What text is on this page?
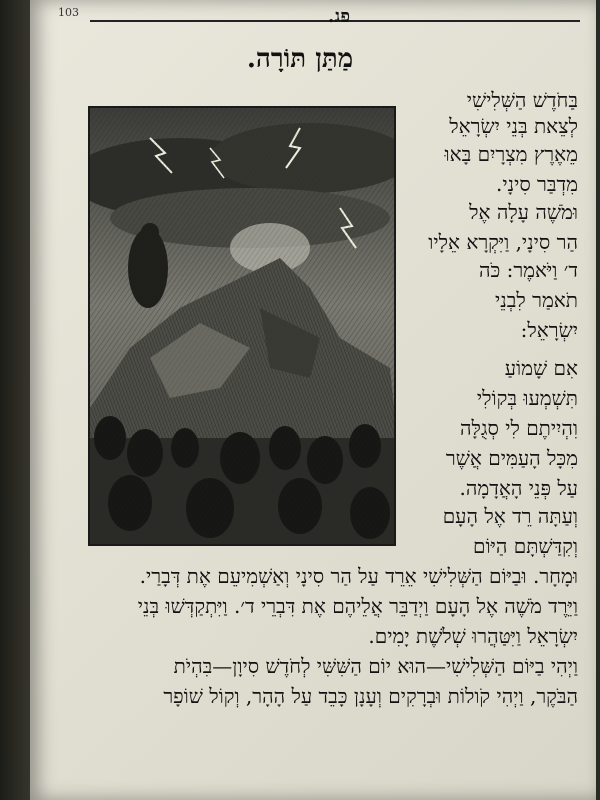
103	פג.
מַתַּן תּוֹרָה.
בַּחֹדֶשׁ הַשְּׁלִישִׁי
לְצֵאת בְּנֵי יִשְׂרָאֵל
מֵאֶרֶץ מִצְרָיִם בָּאוּ
מִדְבַּר סִינָי.
וּמֹשֶׁה עָלָה אֶל
הַר סִינָי, וַיִּקְרָא אֵלָיו
ד׳ וַיֹּאמֶר: כֹּה
תֹאמַר לִבְנֵי
יִשְׂרָאֵל:
אִם שָׁמוֹעַ
תִּשְׁמְעוּ בְּקוֹלִי
וִהְיִיתֶם לִי סְגֻלָּה
מִכָּל הָעַמִּים אֲשֶׁר
עַל פְּנֵי הָאֲדָמָה.
וְעַתָּה רֵד אֶל הָעָם
וְקִדַּשְׁתָּם הַיּוֹם
וּמָחָר. וּבַיּוֹם הַשְּׁלִישִׁי אֵרֵד עַל הַר סִינָי וְאַשְׁמִיעֵם אֶת דְּבָרַי.
וַיֵּרֶד מֹשֶׁה אֶל הָעָם וַיְדַבֵּר אֲלֵיהֶם אֶת דִּבְרֵי ד׳. וַיִּתְקַדְּשׁוּ בְּנֵי
יִשְׂרָאֵל וַיִּטַּהֲרוּ שְׁלֹשֶׁת יָמִים.
וַיְהִי בַיּוֹם הַשְּׁלִישִׁי—הוּא יוֹם הַשִּׁשִּׁי לְחֹדֶשׁ סִיוָן—בִּהְיֹת
הַבֹּקֶר, וַיְהִי קֹולוֹת וּבְרָקִים וְעָנָן כָּבֵד עַל הָהָר, וְקוֹל שׁוֹפָר
